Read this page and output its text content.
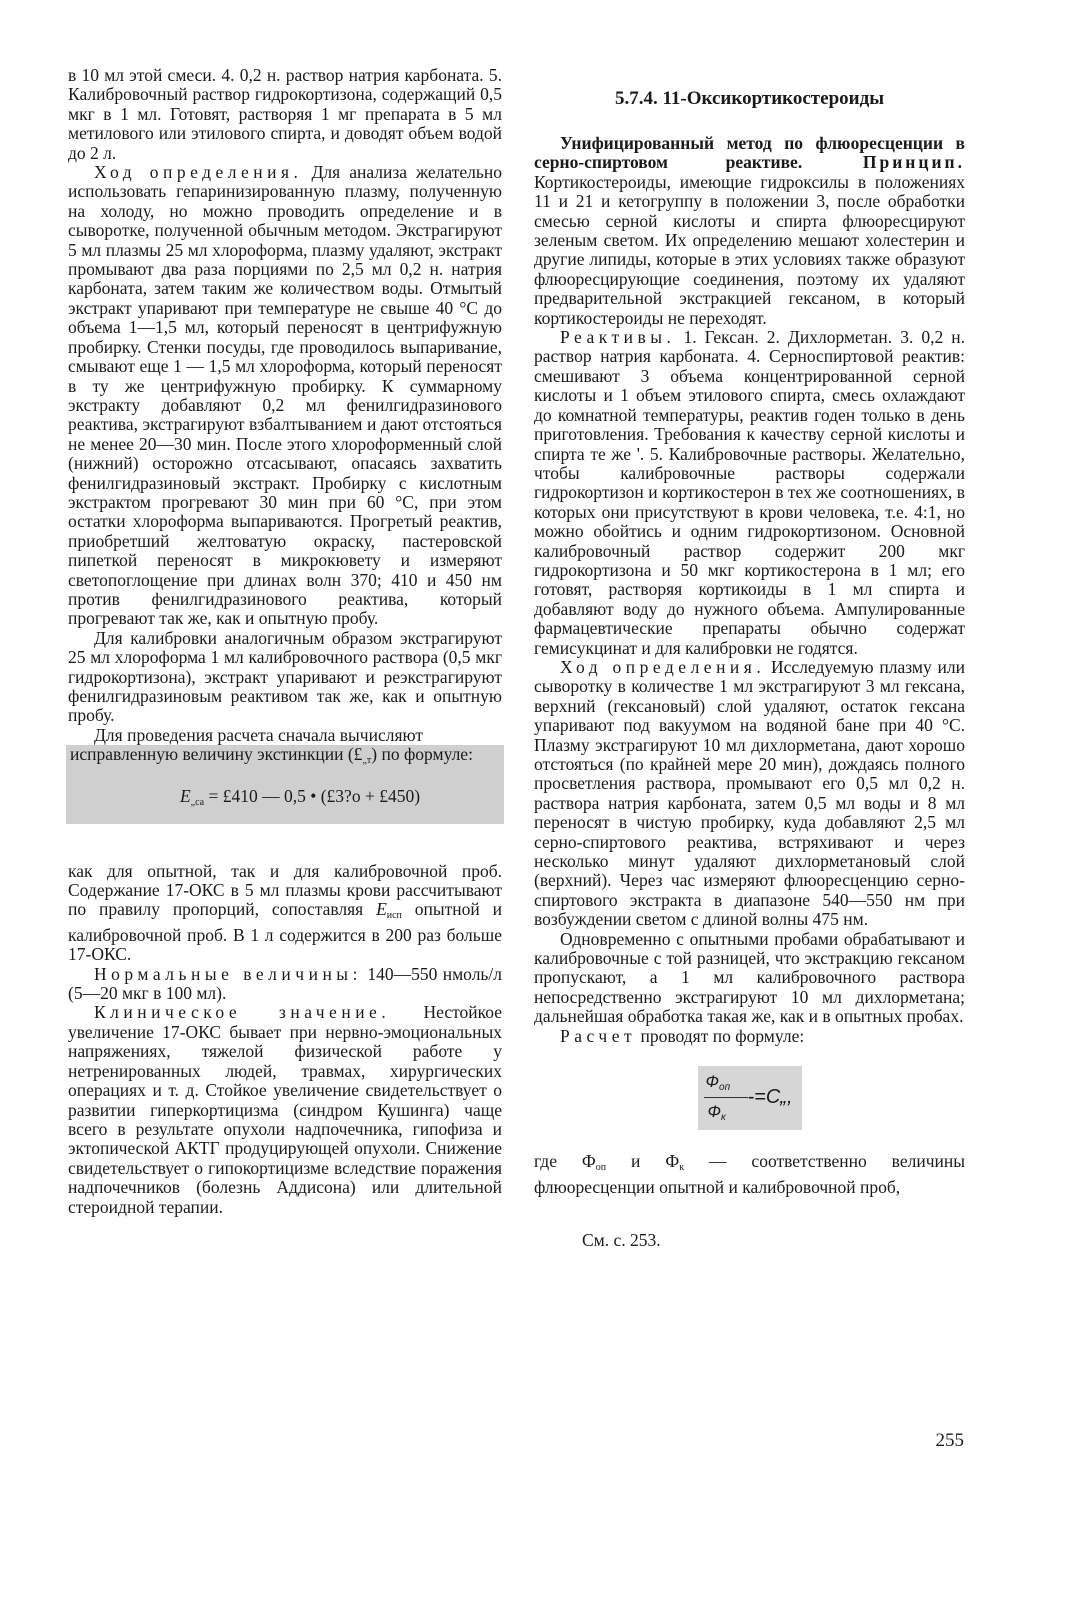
в 10 мл этой смеси. 4. 0,2 н. раствор натрия карбоната. 5. Калибровочный раствор гидрокортизона, содержащий 0,5 мкг в 1 мл. Готовят, растворяя 1 мг препарата в 5 мл метилового или этилового спирта, и доводят объем водой до 2 л.

Ход определения. Для анализа желательно использовать гепаринизированную плазму, полученную на холоду, но можно проводить определение и в сыворотке, полученной обычным методом. Экстрагируют 5 мл плазмы 25 мл хлороформа, плазму удаляют, экстракт промывают два раза порциями по 2,5 мл 0,2 н. натрия карбоната, затем таким же количеством воды. Отмытый экстракт упаривают при температуре не свыше 40 °С до объема 1—1,5 мл, который переносят в центрифужную пробирку. Стенки посуды, где проводилось выпаривание, смывают еще 1 — 1,5 мл хлороформа, который переносят в ту же центрифужную пробирку. К суммарному экстракту добавляют 0,2 мл фенилгидразинового реактива, экстрагируют взбалтыванием и дают отстояться не менее 20—30 мин. После этого хлороформенный слой (нижний) осторожно отсасывают, опасаясь захватить фенилгидразиновый экстракт. Пробирку с кислотным экстрактом прогревают 30 мин при 60 °С, при этом остатки хлороформа выпариваются. Прогретый реактив, приобретший желтоватую окраску, пастеровской пипеткой переносят в микрокювету и измеряют светопоглощение при длинах волн 370; 410 и 450 нм против фенилгидразинового реактива, который прогревают так же, как и опытную пробу.

Для калибровки аналогичным образом экстрагируют 25 мл хлороформа 1 мл калибровочного раствора (0,5 мкг гидрокортизона), экстракт упаривают и реэкстрагируют фенилгидразиновым реактивом так же, как и опытную пробу.

Для проведения расчета сначала вычисляют

исправленную величину экстинкции $(£_{„т})$ по формуле:

$E_{„са}$ = £410 — 0,5 • (£3?о + £450)

как для опытной, так и для калибровочной проб. Содержание 17-ОКС в 5 мл плазмы крови рассчитывают по правилу пропорций, сопоставляя $E_{исп}$ опытной и калибровочной проб. В 1 л содержится в 200 раз больше 17-ОКС.

Нормальные величины: 140—550 нмоль/л (5—20 мкг в 100 мл).

Клиническое значение. Нестойкое увеличение 17-ОКС бывает при нервно-эмоциональных напряжениях, тяжелой физической работе у нетренированных людей, травмах, хирургических операциях и т. д. Стойкое увеличение свидетельствует о развитии гиперкортицизма (синдром Кушинга) чаще всего в результате опухоли надпочечника, гипофиза и эктопической АКТГ продуцирующей опухоли. Снижение свидетельствует о гипокортицизме вследствие поражения надпочечников (болезнь Аддисона) или длительной стероидной терапии.

5.7.4. 11-Оксикортикостероиды

Унифицированный метод по флюоресценции в серно-спиртовом реактиве. Принцип. Кортикостероиды, имеющие гидроксилы в положениях 11 и 21 и кетогруппу в положении 3, после обработки смесью серной кислоты и спирта флюоресцируют зеленым светом. Их определению мешают холестерин и другие липиды, которые в этих условиях также образуют флюоресцирующие соединения, поэтому их удаляют предварительной экстракцией гексаном, в который кортикостероиды не переходят.

Реактивы. 1. Гексан. 2. Дихлорметан. 3. 0,2 н. раствор натрия карбоната. 4. Серноспиртовой реактив: смешивают 3 объема концентрированной серной кислоты и 1 объем этилового спирта, смесь охлаждают до комнатной температуры, реактив годен только в день приготовления. Требования к качеству серной кислоты и спирта те же '. 5. Калибровочные растворы. Желательно, чтобы калибровочные растворы содержали гидрокортизон и кортикостерон в тех же соотношениях, в которых они присутствуют в крови человека, т.е. 4:1, но можно обойтись и одним гидрокортизоном. Основной калибровочный раствор содержит 200 мкг гидрокортизона и 50 мкг кортикостерона в 1 мл; его готовят, растворяя кортикоиды в 1 мл спирта и добавляют воду до нужного объема. Ампулированные фармацевтические препараты обычно содержат гемисукцинат и для калибровки не годятся.

Ход определения. Исследуемую плазму или сыворотку в количестве 1 мл экстрагируют 3 мл гексана, верхний (гексановый) слой удаляют, остаток гексана упаривают под вакуумом на водяной бане при 40 °С. Плазму экстрагируют 10 мл дихлорметана, дают хорошо отстояться (по крайней мере 20 мин), дождаясь полного просветления раствора, промывают его 0,5 мл 0,2 н. раствора натрия карбоната, затем 0,5 мл воды и 8 мл переносят в чистую пробирку, куда добавляют 2,5 мл серно-спиртового реактива, встряхивают и через несколько минут удаляют дихлорметановый слой (верхний). Через час измеряют флюоресценцию серно-спиртового экстракта в диапазоне 540—550 нм при возбуждении светом с длиной волны 475 нм.

Одновременно с опытными пробами обрабатывают и калибровочные с той разницей, что экстракцию гексаном пропускают, а 1 мл калибровочного раствора непосредственно экстрагируют 10 мл дихлорметана; дальнейшая обработка такая же, как и в опытных пробах.

Расчет проводят по формуле:

$Ф_{оп}$
$Ф_к$
-=C„,

где $Ф_{оп}$ и $Ф_к$ — соответственно величины флюоресценции опытной и калибровочной проб,

См. с. 253.
255
